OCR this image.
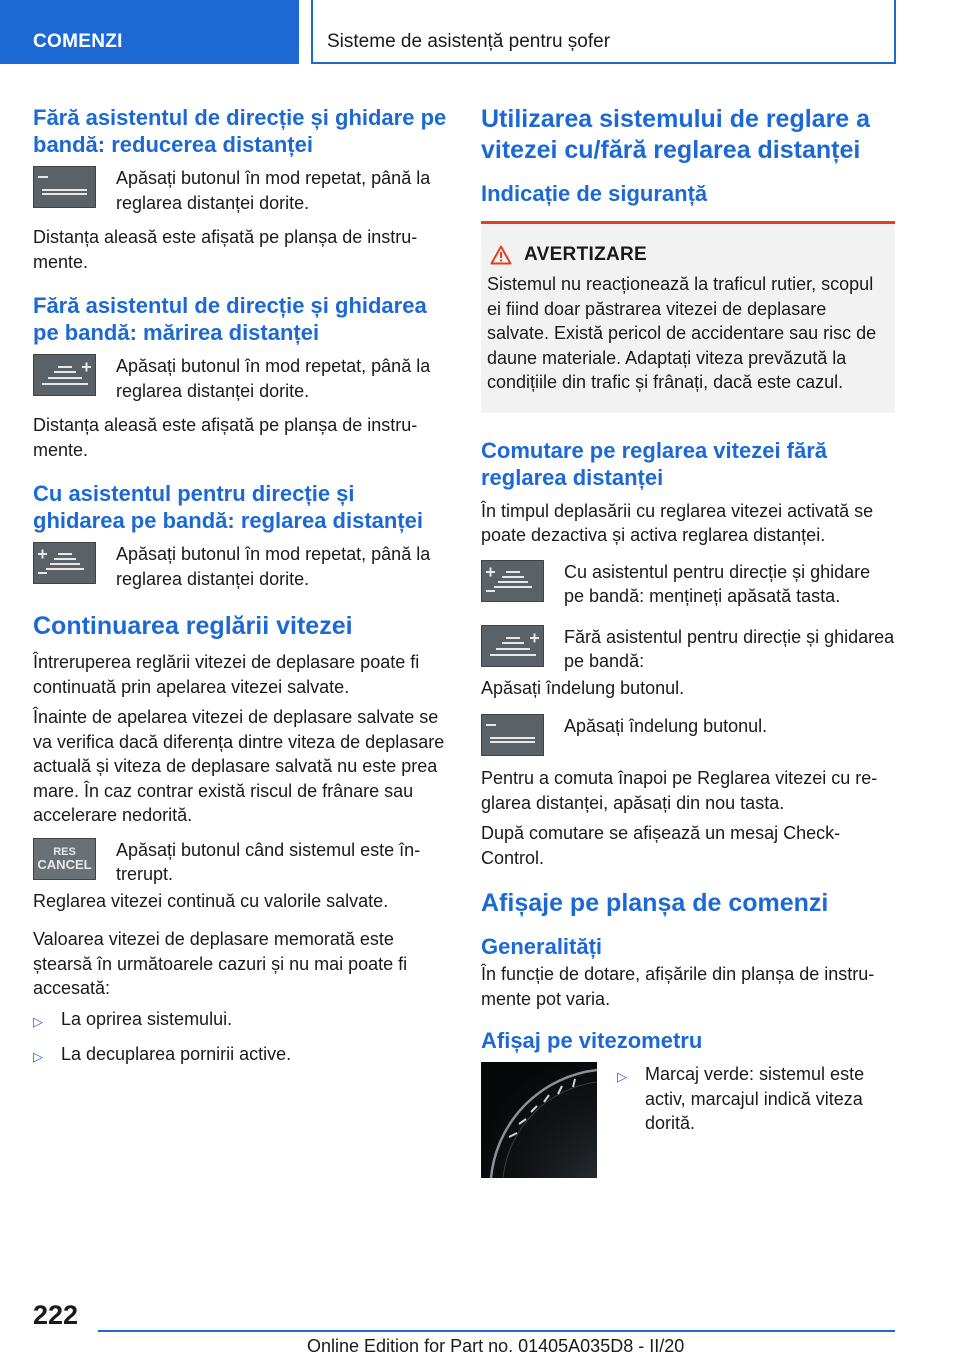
COMENZI	Sisteme de asistență pentru șofer
Fără asistentul de direcție și ghidare pe bandă: reducerea distanței

Apăsați butonul în mod repetat, până la reglarea distanței dorite.

Distanța aleasă este afișată pe planșa de instrumente.

Fără asistentul de direcție și ghidarea pe bandă: mărirea distanței

Apăsați butonul în mod repetat, până la reglarea distanței dorite.

Distanța aleasă este afișată pe planșa de instrumente.

Cu asistentul pentru direcție și ghidarea pe bandă: reglarea distanței

Apăsați butonul în mod repetat, până la reglarea distanței dorite.

Continuarea reglării vitezei

Întreruperea reglării vitezei de deplasare poate fi continuată prin apelarea vitezei salvate.

Înainte de apelarea vitezei de deplasare salvate se va verifica dacă diferența dintre viteza de deplasare actuală și viteza de deplasare salvată nu este prea mare. În caz contrar există riscul de frânare sau accelerare nedorită.

RES
CANCEL

Apăsați butonul când sistemul este întrerupt.

Reglarea vitezei continuă cu valorile salvate.

Valoarea vitezei de deplasare memorată este ștearsă în următoarele cazuri și nu mai poate fi accesată:

▷	La oprirea sistemului.
▷	La decuplarea pornirii active.
Utilizarea sistemului de reglare a vitezei cu/fără reglarea distanței
Indicație de siguranță
AVERTIZARE

Sistemul nu reacționează la traficul rutier, scopul ei fiind doar păstrarea vitezei de deplasare salvate. Există pericol de accidentare sau risc de daune materiale. Adaptați viteza prevăzută la condițiile din trafic și frânați, dacă este cazul.

Comutare pe reglarea vitezei fără reglarea distanței

În timpul deplasării cu reglarea vitezei activată se poate dezactiva și activa reglarea distanței.

Cu asistentul pentru direcție și ghidare pe bandă: mențineți apăsată tasta.

Fără asistentul pentru direcție și ghidarea pe bandă:

Apăsați îndelung butonul.

Apăsați îndelung butonul.

Pentru a comuta înapoi pe Reglarea vitezei cu reglarea distanței, apăsați din nou tasta.

După comutare se afișează un mesaj Check-Control.

Afișaje pe planșa de comenzi
Generalități

În funcție de dotare, afișările din planșa de instrumente pot varia.

Afișaj pe vitezometru
▷	Marcaj verde: sistemul este activ, marcajul indică viteza dorită.
222
Online Edition for Part no. 01405A035D8 - II/20
